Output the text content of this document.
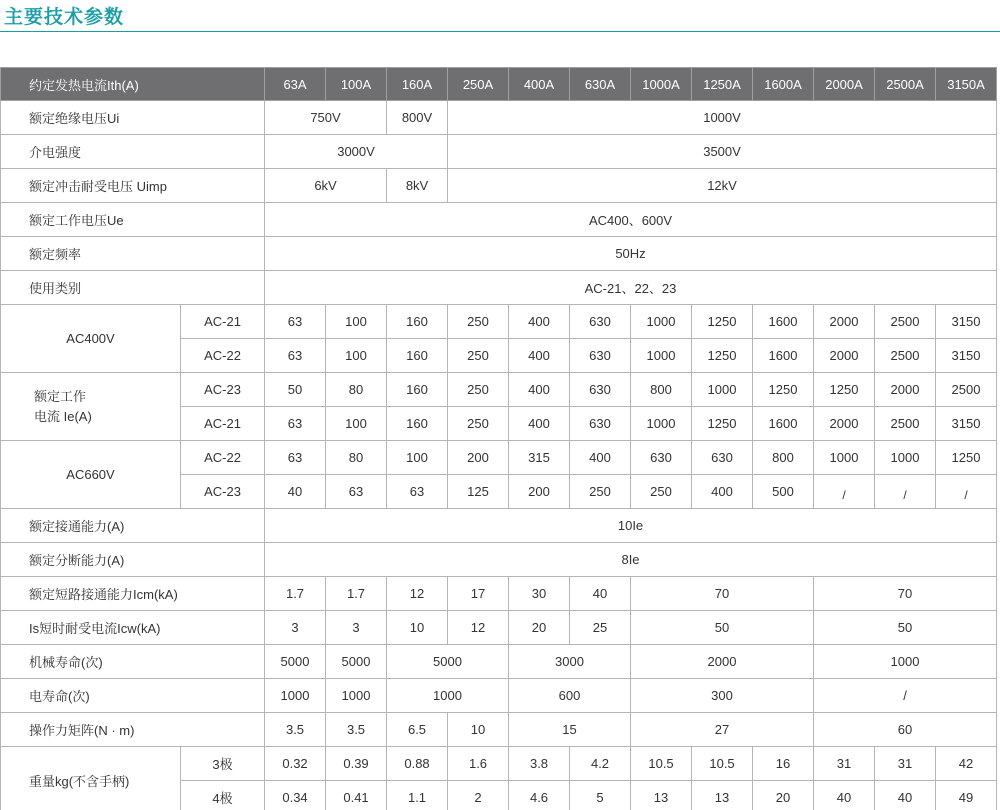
主要技术参数
约定发热电流Ith(A)		63A	100A	160A	250A	400A	630A	1000A	1250A	1600A	2000A	2500A	3150A
额定绝缘电压Ui		750V		800V	1000V								
介电强度		3000V			3500V								
额定冲击耐受电压 Uimp		6kV		8kV	12kV								
额定工作电压Ue		AC400、600V											
额定频率		50Hz											
使用类别		AC-21、22、23											
AC400V	AC-21	63	100	160	250	400	630	1000	1250	1600	2000	2500	3150
	AC-22	63	100	160	250	400	630	1000	1250	1600	2000	2500	3150

额定工作
电流 Ie(A)	AC-23	50	80	160	250	400	630	800	1000	1250	1250	2000	2500
	AC-21	63	100	160	250	400	630	1000	1250	1600	2000	2500	3150
AC660V	AC-22	63	80	100	200	315	400	630	630	800	1000	1000	1250
	AC-23	40	63	63	125	200	250	250	400	500	/	/	/
额定接通能力(A)		10Ie											
额定分断能力(A)		8Ie											
额定短路接通能力Icm(kA)		1.7	1.7	12	17	30	40	70			70		
Is短时耐受电流Icw(kA)		3	3	10	12	20	25	50			50		
机械寿命(次)		5000	5000	5000		3000		2000			1000		
电寿命(次)		1000	1000	1000		600		300			/		
操作力矩阵(N · m)		3.5	3.5	6.5	10	15		27			60		
重量kg(不含手柄)	3极	0.32	0.39	0.88	1.6	3.8	4.2	10.5	10.5	16	31	31	42
	4极	0.34	0.41	1.1	2	4.6	5	13	13	20	40	40	49
